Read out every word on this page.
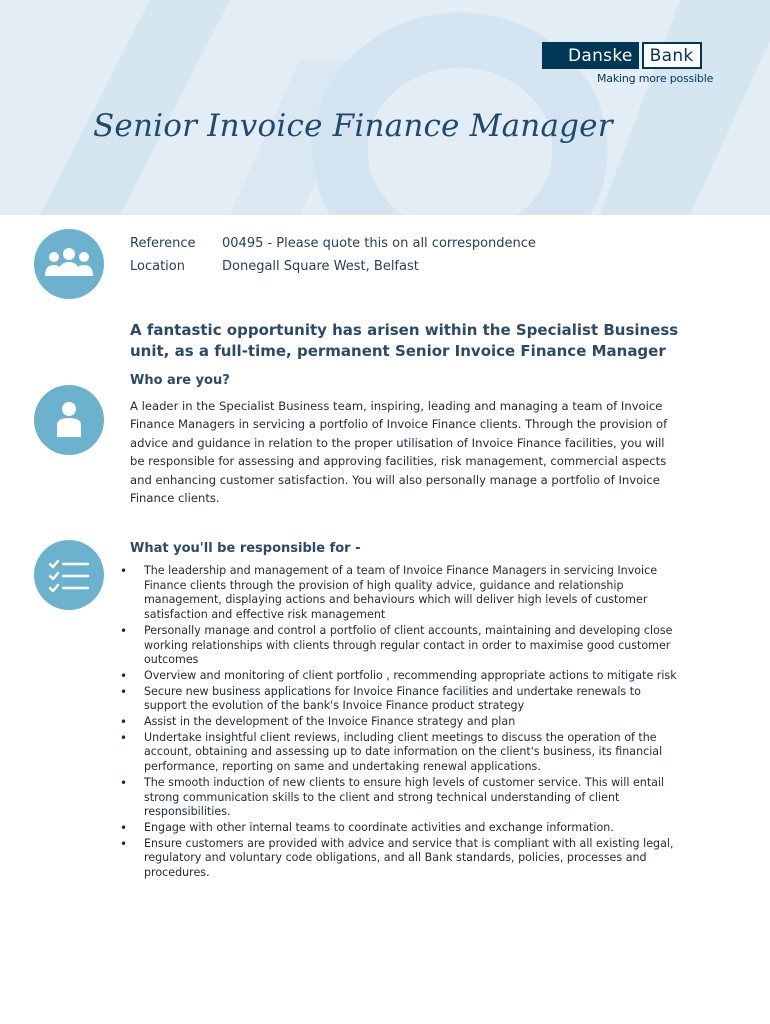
Danske	Bank
Making more possible
Senior Invoice Finance Manager
Reference 00495 - Please quote this on all correspondence
Location	Donegall Square West, Belfast
A fantastic opportunity has arisen within the Specialist Business unit, as a full-time, permanent Senior Invoice Finance Manager
Who are you?

A leader in the Specialist Business team, inspiring, leading and managing a team of Invoice Finance Managers in servicing a portfolio of Invoice Finance clients. Through the provision of advice and guidance in relation to the proper utilisation of Invoice Finance facilities, you will be responsible for assessing and approving facilities, risk management, commercial aspects and enhancing customer satisfaction. You will also personally manage a portfolio of Invoice Finance clients.

What you'll be responsible for -
• The leadership and management of a team of Invoice Finance Managers in servicing Invoice Finance clients through the provision of high quality advice, guidance and relationship management, displaying actions and behaviours which will deliver high levels of customer satisfaction and effective risk management
• Personally manage and control a portfolio of client accounts, maintaining and developing close working relationships with clients through regular contact in order to maximise good customer outcomes
• Overview and monitoring of client portfolio , recommending appropriate actions to mitigate risk
• Secure new business applications for Invoice Finance facilities and undertake renewals to support the evolution of the bank's Invoice Finance product strategy
• Assist in the development of the Invoice Finance strategy and plan
• Undertake insightful client reviews, including client meetings to discuss the operation of the account, obtaining and assessing up to date information on the client's business, its financial performance, reporting on same and undertaking renewal applications.
• The smooth induction of new clients to ensure high levels of customer service. This will entail strong communication skills to the client and strong technical understanding of client responsibilities.
• Engage with other internal teams to coordinate activities and exchange information.
• Ensure customers are provided with advice and service that is compliant with all existing legal, regulatory and voluntary code obligations, and all Bank standards, policies, processes and procedures.
